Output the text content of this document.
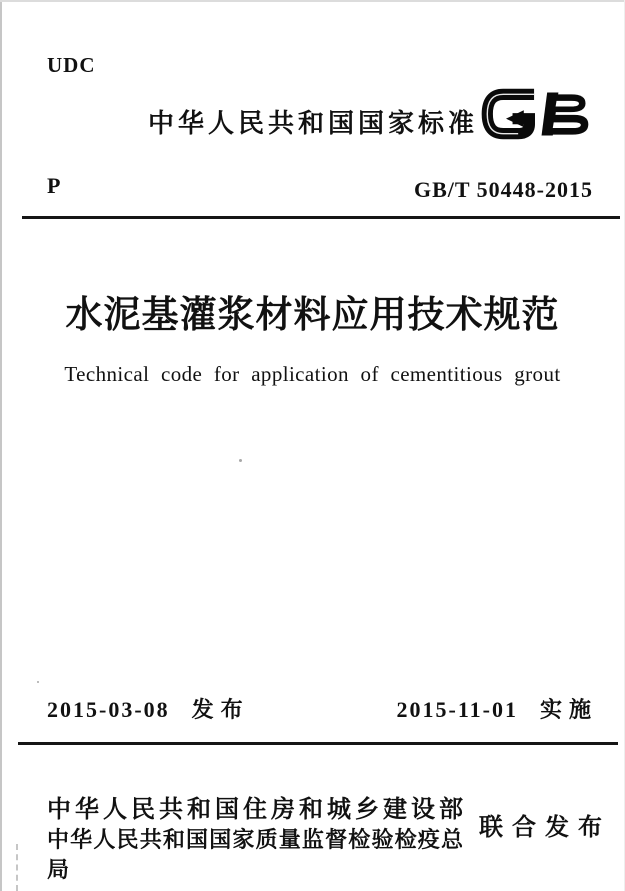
UDC
中华人民共和国国家标准
P	GB/T 50448-2015
水泥基灌浆材料应用技术规范
Technical code for application of cementitious grout
2015-03-08 发布	2015-11-01 实施
中华人民共和国住房和城乡建设部
中华人民共和国国家质量监督检验检疫总局
联合发布
